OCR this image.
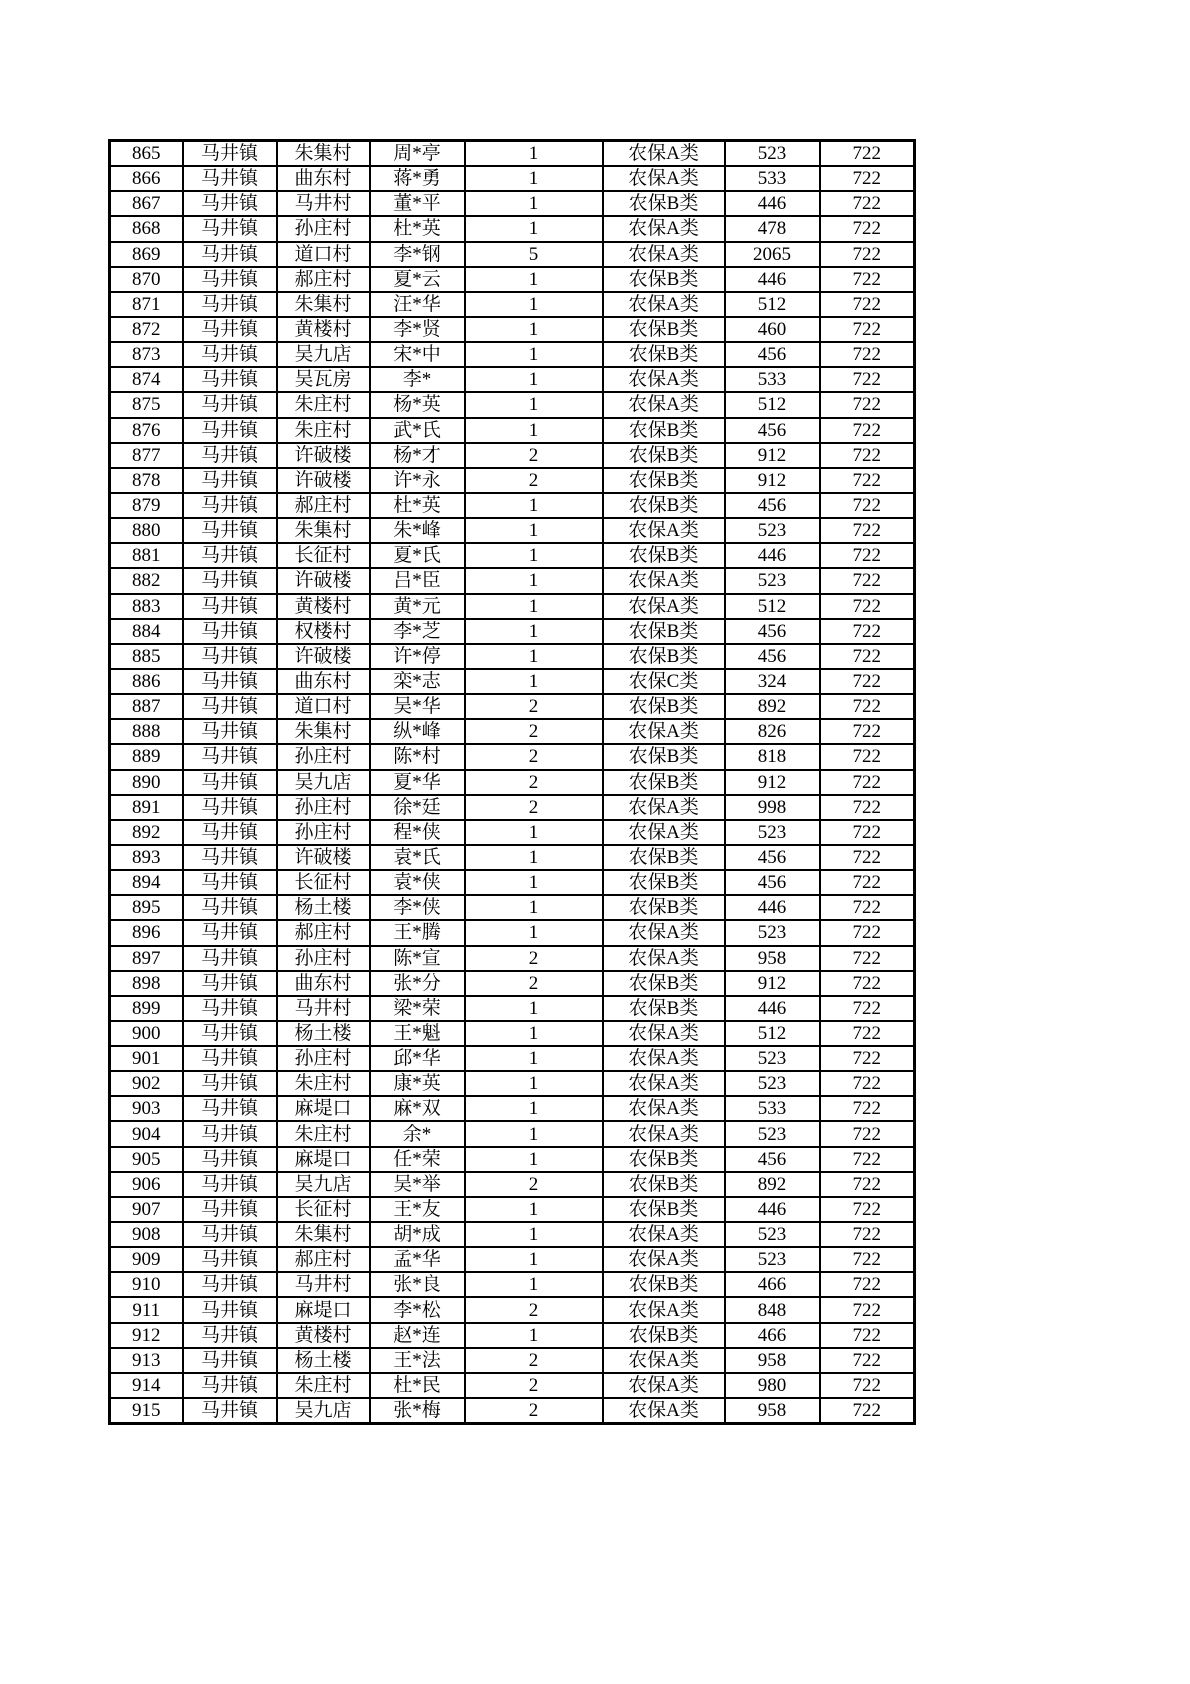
865	马井镇	朱集村	周*亭	1	农保A类	523	722
866	马井镇	曲东村	蒋*勇	1	农保A类	533	722
867	马井镇	马井村	董*平	1	农保B类	446	722
868	马井镇	孙庄村	杜*英	1	农保A类	478	722
869	马井镇	道口村	李*钢	5	农保A类	2065	722
870	马井镇	郝庄村	夏*云	1	农保B类	446	722
871	马井镇	朱集村	汪*华	1	农保A类	512	722
872	马井镇	黄楼村	李*贤	1	农保B类	460	722
873	马井镇	吴九店	宋*中	1	农保B类	456	722
874	马井镇	吴瓦房	李*	1	农保A类	533	722
875	马井镇	朱庄村	杨*英	1	农保A类	512	722
876	马井镇	朱庄村	武*氏	1	农保B类	456	722
877	马井镇	许破楼	杨*才	2	农保B类	912	722
878	马井镇	许破楼	许*永	2	农保B类	912	722
879	马井镇	郝庄村	杜*英	1	农保B类	456	722
880	马井镇	朱集村	朱*峰	1	农保A类	523	722
881	马井镇	长征村	夏*氏	1	农保B类	446	722
882	马井镇	许破楼	吕*臣	1	农保A类	523	722
883	马井镇	黄楼村	黄*元	1	农保A类	512	722
884	马井镇	权楼村	李*芝	1	农保B类	456	722
885	马井镇	许破楼	许*停	1	农保B类	456	722
886	马井镇	曲东村	栾*志	1	农保C类	324	722
887	马井镇	道口村	吴*华	2	农保B类	892	722
888	马井镇	朱集村	纵*峰	2	农保A类	826	722
889	马井镇	孙庄村	陈*村	2	农保B类	818	722
890	马井镇	吴九店	夏*华	2	农保B类	912	722
891	马井镇	孙庄村	徐*廷	2	农保A类	998	722
892	马井镇	孙庄村	程*侠	1	农保A类	523	722
893	马井镇	许破楼	袁*氏	1	农保B类	456	722
894	马井镇	长征村	袁*侠	1	农保B类	456	722
895	马井镇	杨土楼	李*侠	1	农保B类	446	722
896	马井镇	郝庄村	王*腾	1	农保A类	523	722
897	马井镇	孙庄村	陈*宣	2	农保A类	958	722
898	马井镇	曲东村	张*分	2	农保B类	912	722
899	马井镇	马井村	梁*荣	1	农保B类	446	722
900	马井镇	杨土楼	王*魁	1	农保A类	512	722
901	马井镇	孙庄村	邱*华	1	农保A类	523	722
902	马井镇	朱庄村	康*英	1	农保A类	523	722
903	马井镇	麻堤口	麻*双	1	农保A类	533	722
904	马井镇	朱庄村	余*	1	农保A类	523	722
905	马井镇	麻堤口	任*荣	1	农保B类	456	722
906	马井镇	吴九店	吴*举	2	农保B类	892	722
907	马井镇	长征村	王*友	1	农保B类	446	722
908	马井镇	朱集村	胡*成	1	农保A类	523	722
909	马井镇	郝庄村	孟*华	1	农保A类	523	722
910	马井镇	马井村	张*良	1	农保B类	466	722
911	马井镇	麻堤口	李*松	2	农保A类	848	722
912	马井镇	黄楼村	赵*连	1	农保B类	466	722
913	马井镇	杨土楼	王*法	2	农保A类	958	722
914	马井镇	朱庄村	杜*民	2	农保A类	980	722
915	马井镇	吴九店	张*梅	2	农保A类	958	722
